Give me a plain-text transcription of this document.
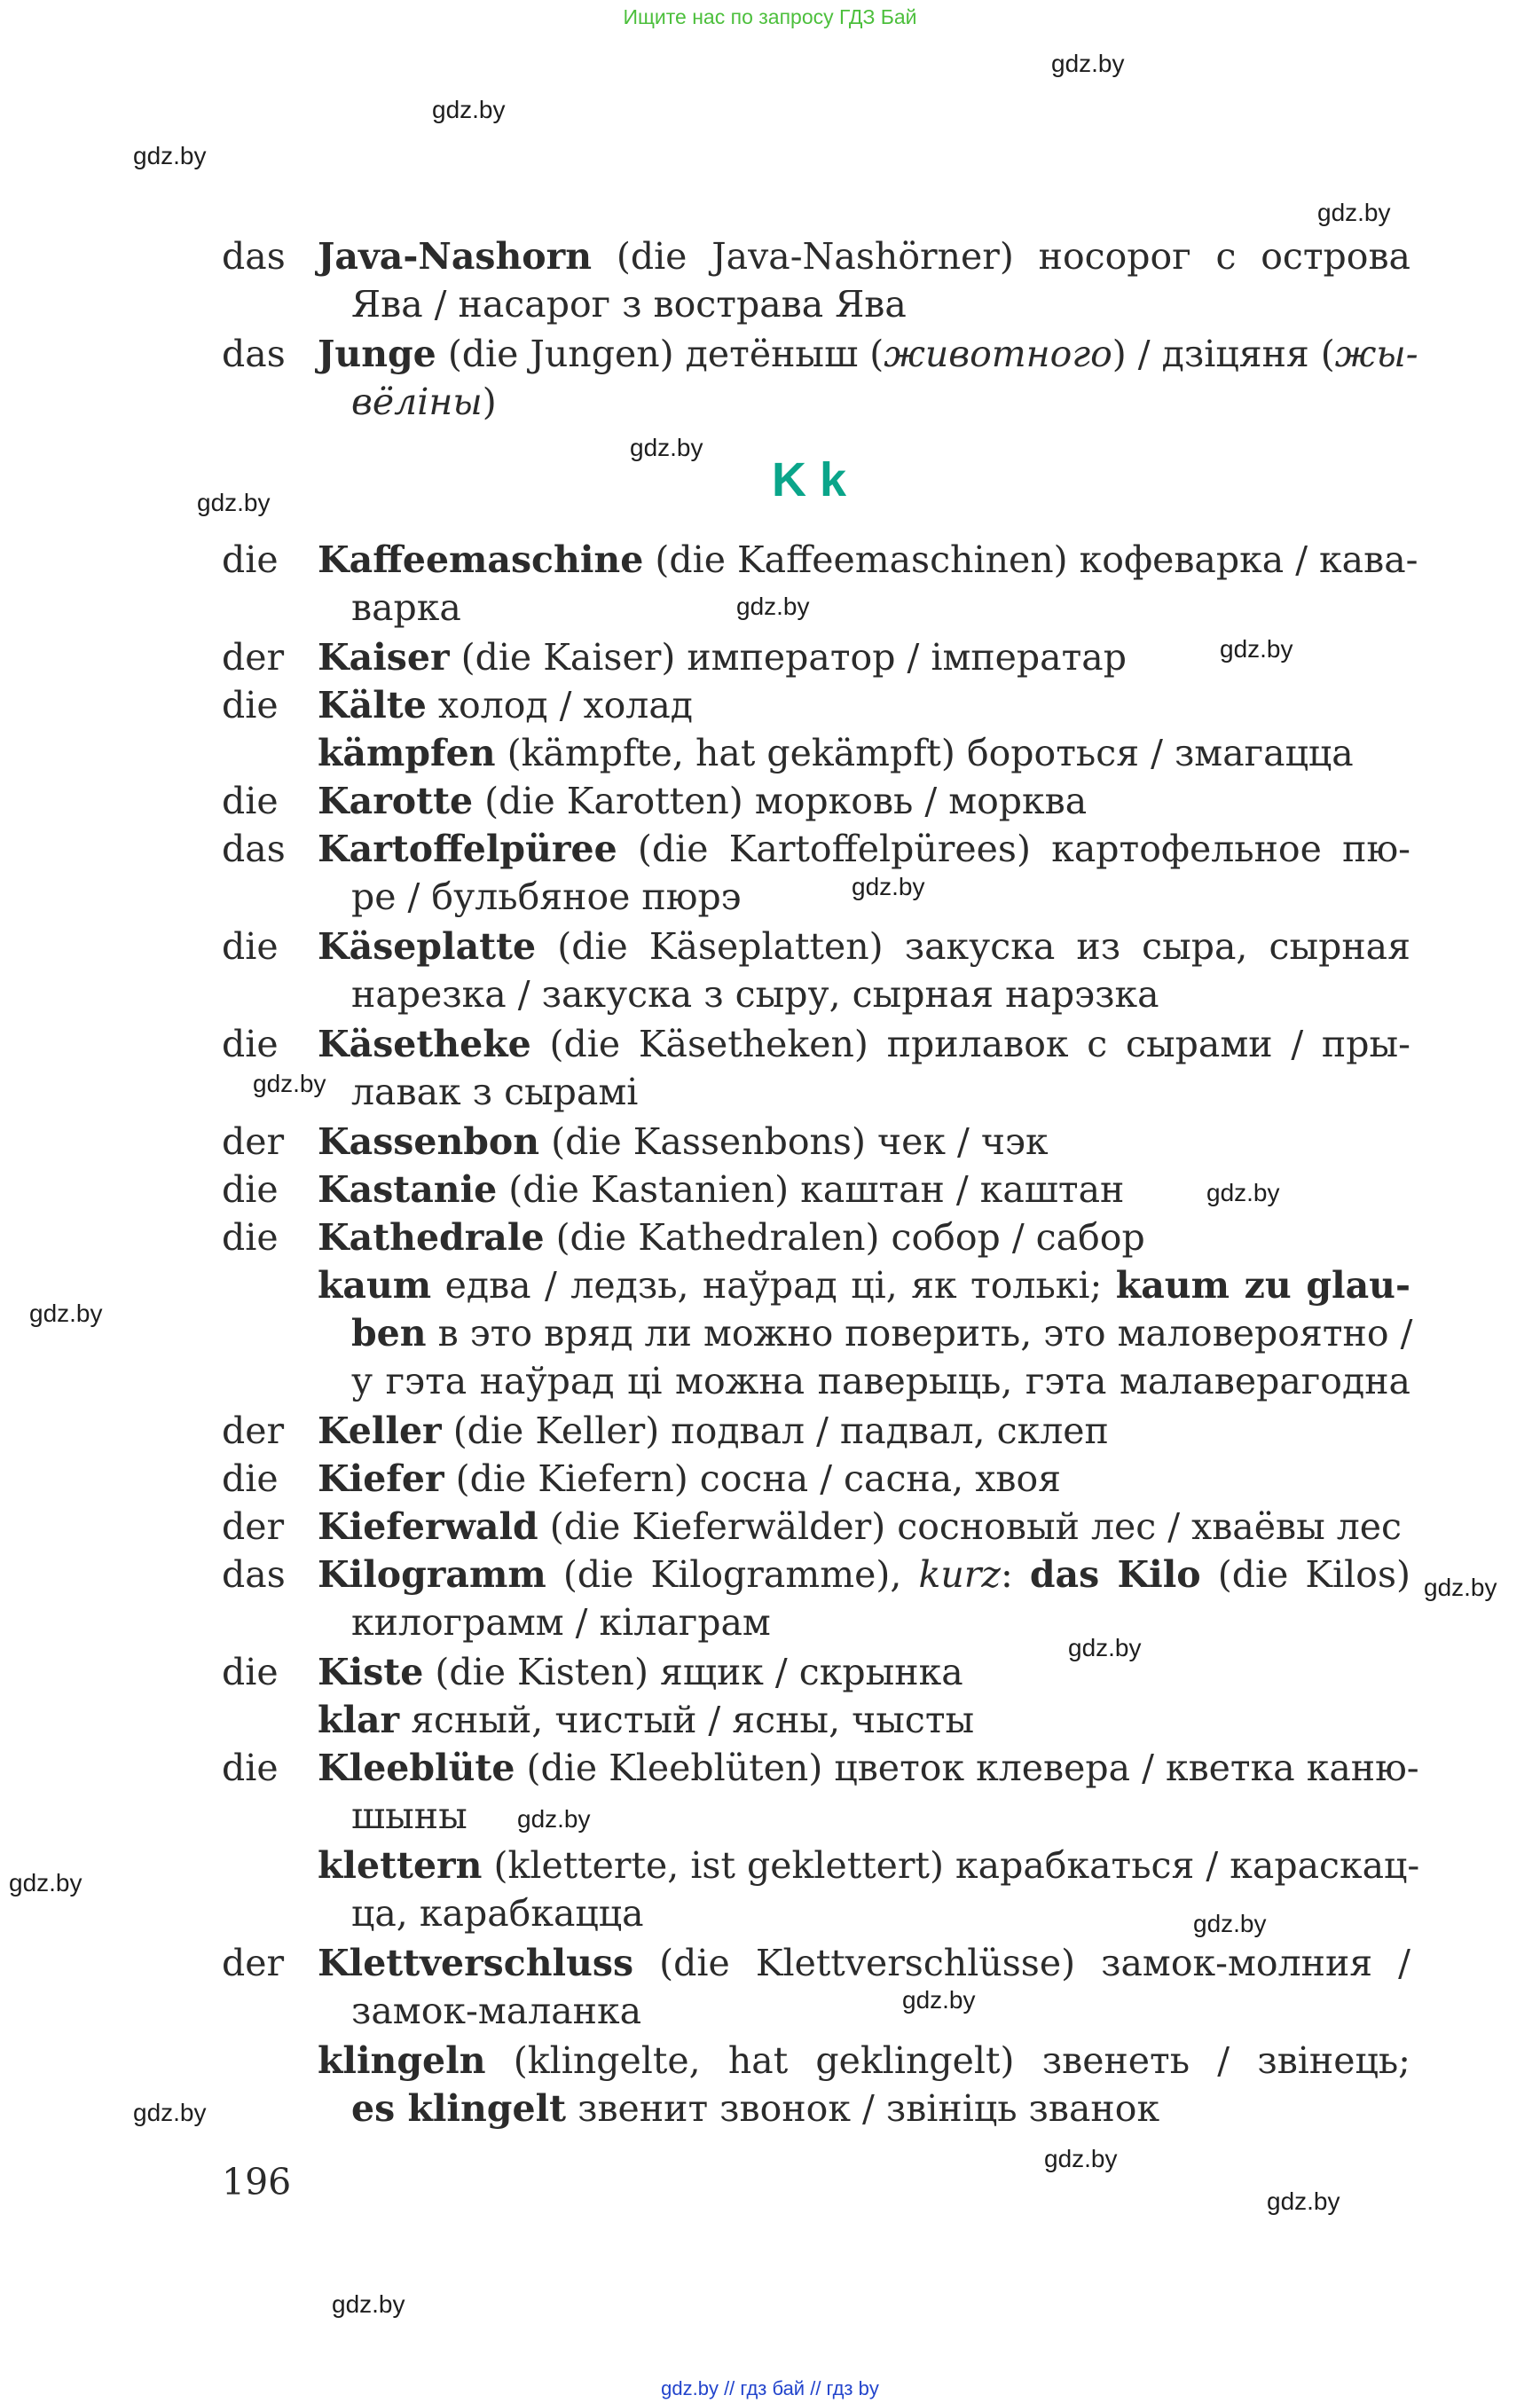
Ищите нас по запросу ГДЗ Бай
gdz.by
gdz.by
gdz.by
gdz.by
gdz.by
gdz.by
gdz.by
gdz.by
gdz.by
gdz.by
gdz.by
gdz.by
gdz.by
gdz.by
gdz.by
gdz.by
gdz.by
gdz.by
gdz.by
gdz.by
gdz.by
gdz.by
K k
das Java-Nashorn (die Java-Nashörner) носорог с острова
Ява / насарог з вострава Ява
das Junge (die Jungen) детёныш (животного) / дзіцяня (жы-
вёлiны)
die	Kaffeemaschine (die Kaffeemaschinen) кофеварка / кава-
варка
der Kaiser (die Kaiser) император / імператар
die	Kälte холод / холад
kämpfen (kämpfte, hat gekämpft) бороться / змагацца
die	Karotte (die Karotten) морковь / морква
das Kartoffelpüree (die Kartoffelpürees) картофельное пю-
ре / бульбяное пюрэ
die	Käseplatte (die Käseplatten) закуска из сыра, сырная
нарезка / закуска з сыру, сырная нарэзка
die	Käsetheke (die Käsetheken) прилавок с сырами / пры-
лавак з сырамі
der Kassenbon (die Kassenbons) чек / чэк
die	Kastanie (die Kastanien) каштан / каштан
die	Kathedrale (die Kathedralen) собор / сабор
kaum едва / ледзь, наўрад ці, як толькі; kaum zu glau-
ben в это вряд ли можно поверить, это маловероятно /
у гэта наўрад ці можна паверыць, гэта малаверагодна
der Keller (die Keller) подвал / падвал, склеп
die	Kiefer (die Kiefern) сосна / сасна, хвоя
der Kieferwald (die Kieferwälder) сосновый лес / хваёвы лес
das Kilogramm (die Kilogramme), kurz: das Kilo (die Kilos)
килограмм / кілаграм
die	Kiste (die Kisten) ящик / скрынка
klar ясный, чистый / ясны, чысты
die	Kleeblüte (die Kleeblüten) цветок клевера / кветка каню-
шыны
klettern (kletterte, ist geklettert) карабкаться / караскац-
ца, карабкацца
der Klettverschluss (die Klettverschlüsse) замок-молния /
замок-маланка
klingeln (klingelte, hat geklingelt) звенеть / звінець;
es klingelt звенит звонок / звініць званок
196
gdz.by // гдз бай // гдз by
